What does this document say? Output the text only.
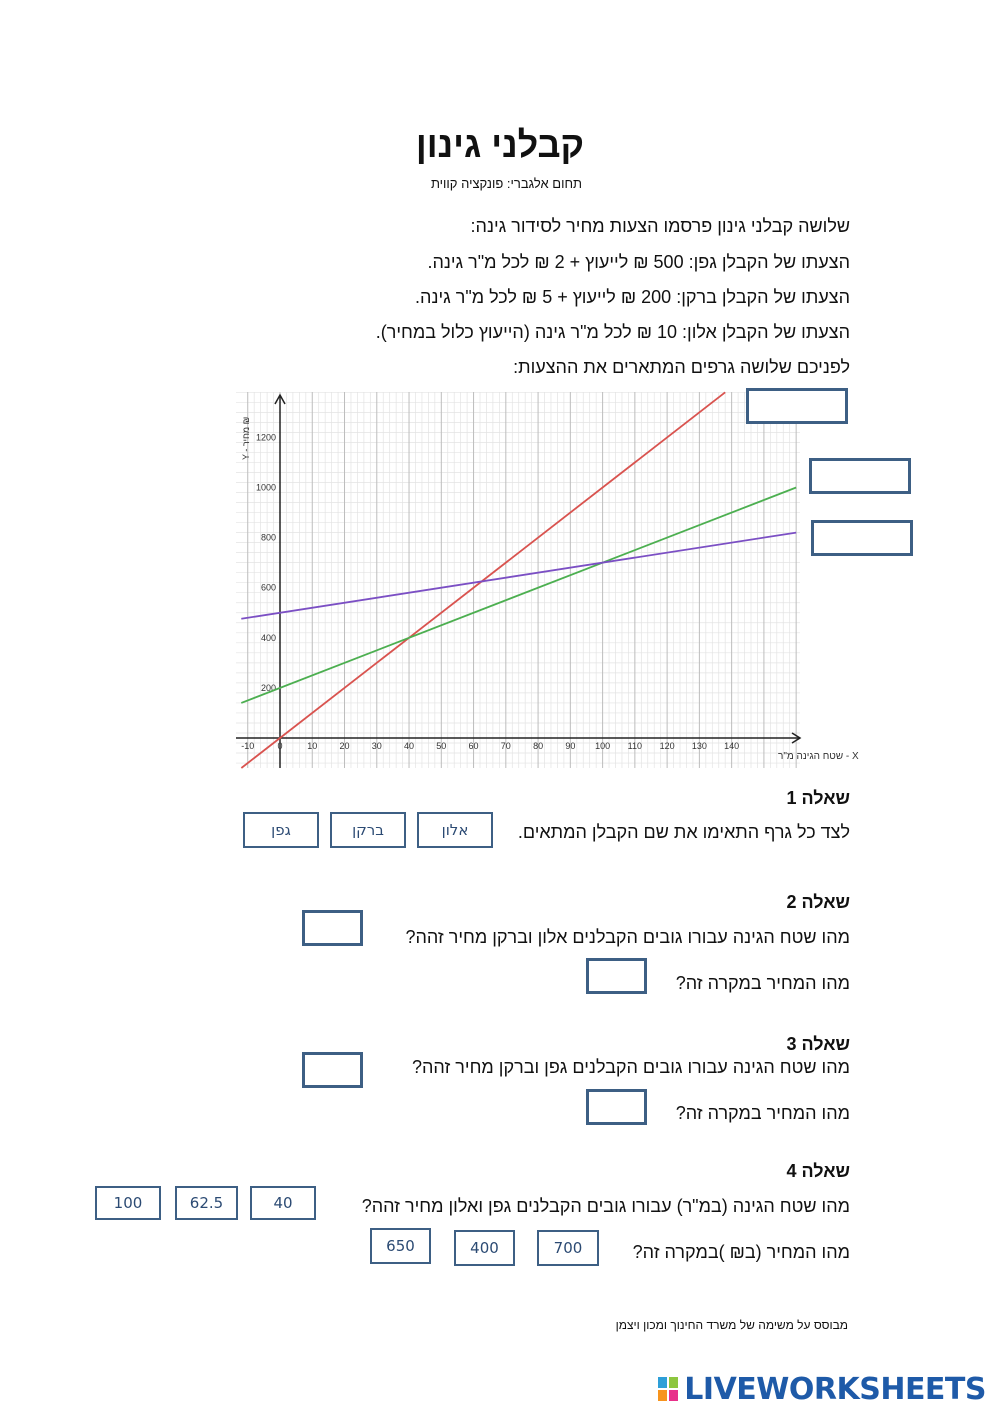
קבלני גינון
תחום אלגברי: פונקציה קווית
שלושה קבלני גינון פרסמו הצעות מחיר לסידור גינה:
הצעתו של הקבלן גפן: 500 ₪ לייעוץ + 2 ₪ לכל מ"ר גינה.
הצעתו של הקבלן ברקן: 200 ₪ לייעוץ + 5 ₪ לכל מ"ר גינה.
הצעתו של הקבלן אלון: 10 ₪ לכל מ"ר גינה (הייעוץ כלול במחיר).
לפניכם שלושה גרפים המתארים את ההצעות:
-10	0	10 20 30 40 50 60 70 80 90 100 110 120 130 140
200
400
600
800
1000
1200
Y - מחיר ₪
X - שטח הגינה מ"ר
שאלה 1
לצד כל גרף התאימו את שם הקבלן המתאים.
אלון
ברקן
גפן
שאלה 2
מהו שטח הגינה עבורו גובים הקבלנים אלון וברקן מחיר זהה?
מהו המחיר במקרה זה?
שאלה 3
מהו שטח הגינה עבורו גובים הקבלנים גפן וברקן מחיר זהה?
מהו המחיר במקרה זה?
שאלה 4
מהו שטח הגינה (במ"ר) עבורו גובים הקבלנים גפן ואלון מחיר זהה?
40
62.5
100
מהו המחיר (ב₪ )במקרה זה?
700
400
650
מבוסס על משימה של משרד החינוך ומכון ויצמן
LIVEWORKSHEETS
